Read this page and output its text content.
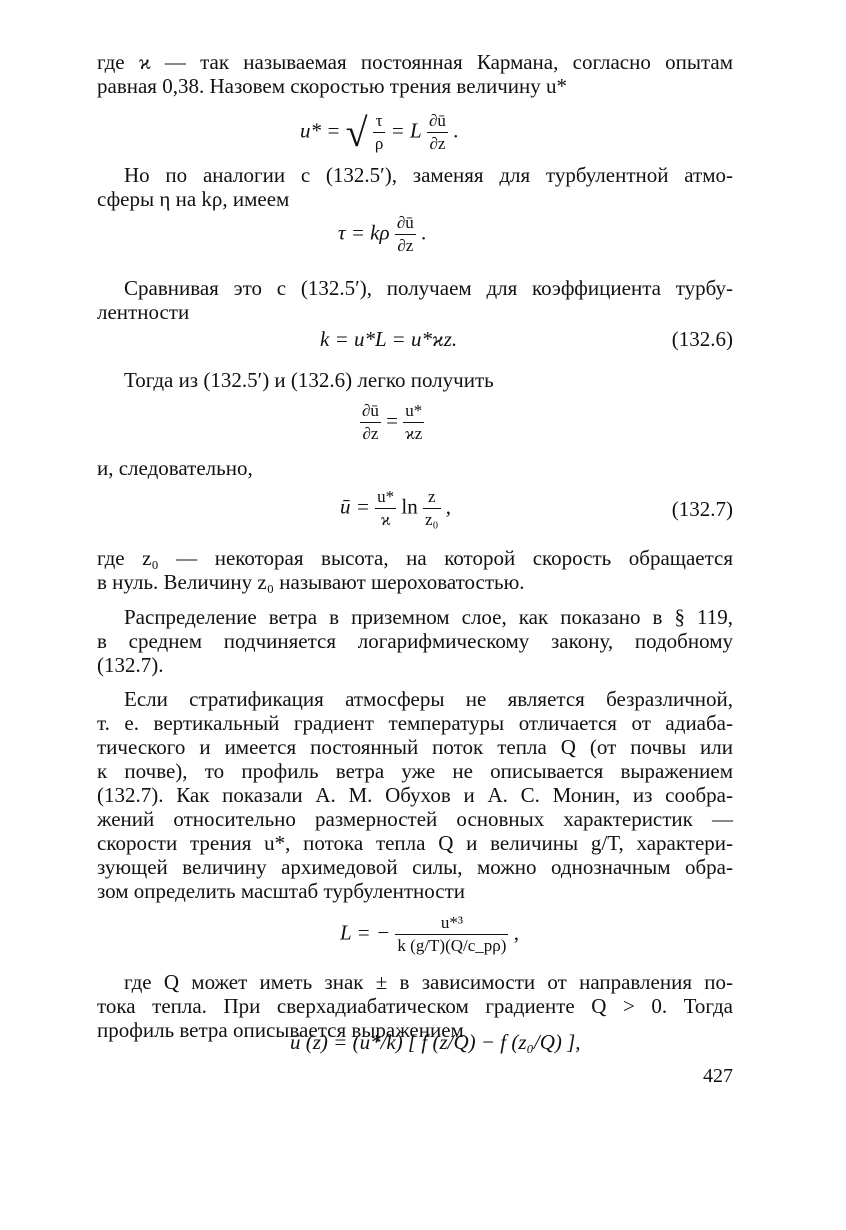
где ϰ — так называемая постоянная Кармана, согласно опытам
равная 0,38. Назовем скоростью трения величину u*
u* = √ $\frac{\tau}{\rho} = L \frac{\partial ū}{\partial z}$ .
Но по аналогии с (132.5′), заменяя для турбулентной атмо-
сферы η на kρ, имеем
τ = kρ $\frac{\partial ū}{\partial z}$ .
Сравнивая это с (132.5′), получаем для коэффициента турбу-
лентности
k = u*L = u*ϰz.	(132.6)
Тогда из (132.5′) и (132.6) легко получить
$\frac{\partial ū}{\partial z} = \frac{u*}{ϰz}$
и, следовательно,
ū = $\frac{u*}{ϰ}$ $\ln \frac{z}{\text{z₀}}$ ,	(132.7)
где z₀ — некоторая высота, на которой скорость обращается
в нуль. Величину z₀ называют шероховатостью.
Распределение ветра в приземном слое, как показано в § 119,
в среднем подчиняется логарифмическому закону, подобному
(132.7).
Если стратификация атмосферы не является безразличной,
т. е. вертикальный градиент температуры отличается от адиаба-
тического и имеется постоянный поток тепла Q (от почвы или
к почве), то профиль ветра уже не описывается выражением
(132.7). Как показали А. М. Обухов и А. С. Монин, из сообра-
жений относительно размерностей основных характеристик —
скорости трения u*, потока тепла Q и величины g/T, характери-
зующей величину архимедовой силы, можно однозначным обра-
зом определить масштаб турбулентности
L = − $\frac{\text{u*³}}{k (g/T)(Q/c\_p\rho)}$ ,
где Q может иметь знак ± в зависимости от направления по-
тока тепла. При сверхадиабатическом градиенте Q > 0. Тогда
профиль ветра описывается выражением
ū (z) = (u*/k) [ f (z/Q) − f (z₀/Q) ],
427
